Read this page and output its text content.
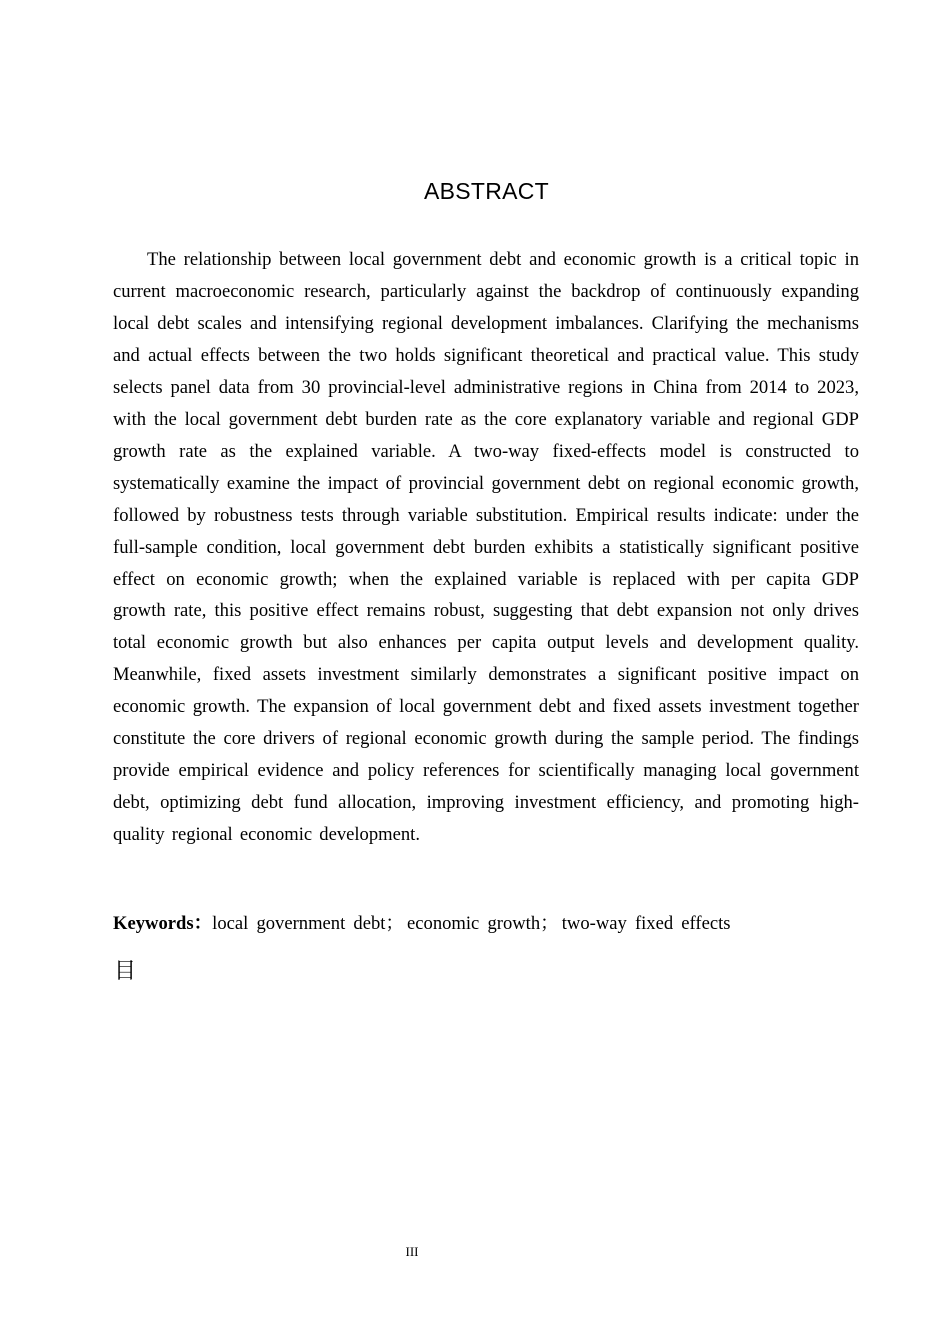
ABSTRACT

The relationship between local government debt and economic growth is a critical topic in current macroeconomic research, particularly against the backdrop of continuously expanding local debt scales and intensifying regional development imbalances. Clarifying the mechanisms and actual effects between the two holds significant theoretical and practical value. This study selects panel data from 30 provincial-level administrative regions in China from 2014 to 2023, with the local government debt burden rate as the core explanatory variable and regional GDP growth rate as the explained variable. A two-way fixed-effects model is constructed to systematically examine the impact of provincial government debt on regional economic growth, followed by robustness tests through variable substitution. Empirical results indicate: under the full-sample condition, local government debt burden exhibits a statistically significant positive effect on economic growth; when the explained variable is replaced with per capita GDP growth rate, this positive effect remains robust, suggesting that debt expansion not only drives total economic growth but also enhances per capita output levels and development quality. Meanwhile, fixed assets investment similarly demonstrates a significant positive impact on economic growth. The expansion of local government debt and fixed assets investment together constitute the core drivers of regional economic growth during the sample period. The findings provide empirical evidence and policy references for scientifically managing local government debt, optimizing debt fund allocation, improving investment efficiency, and promoting high-quality regional economic development.

Keywords：local government debt； economic growth； two-way fixed effects

目
III
